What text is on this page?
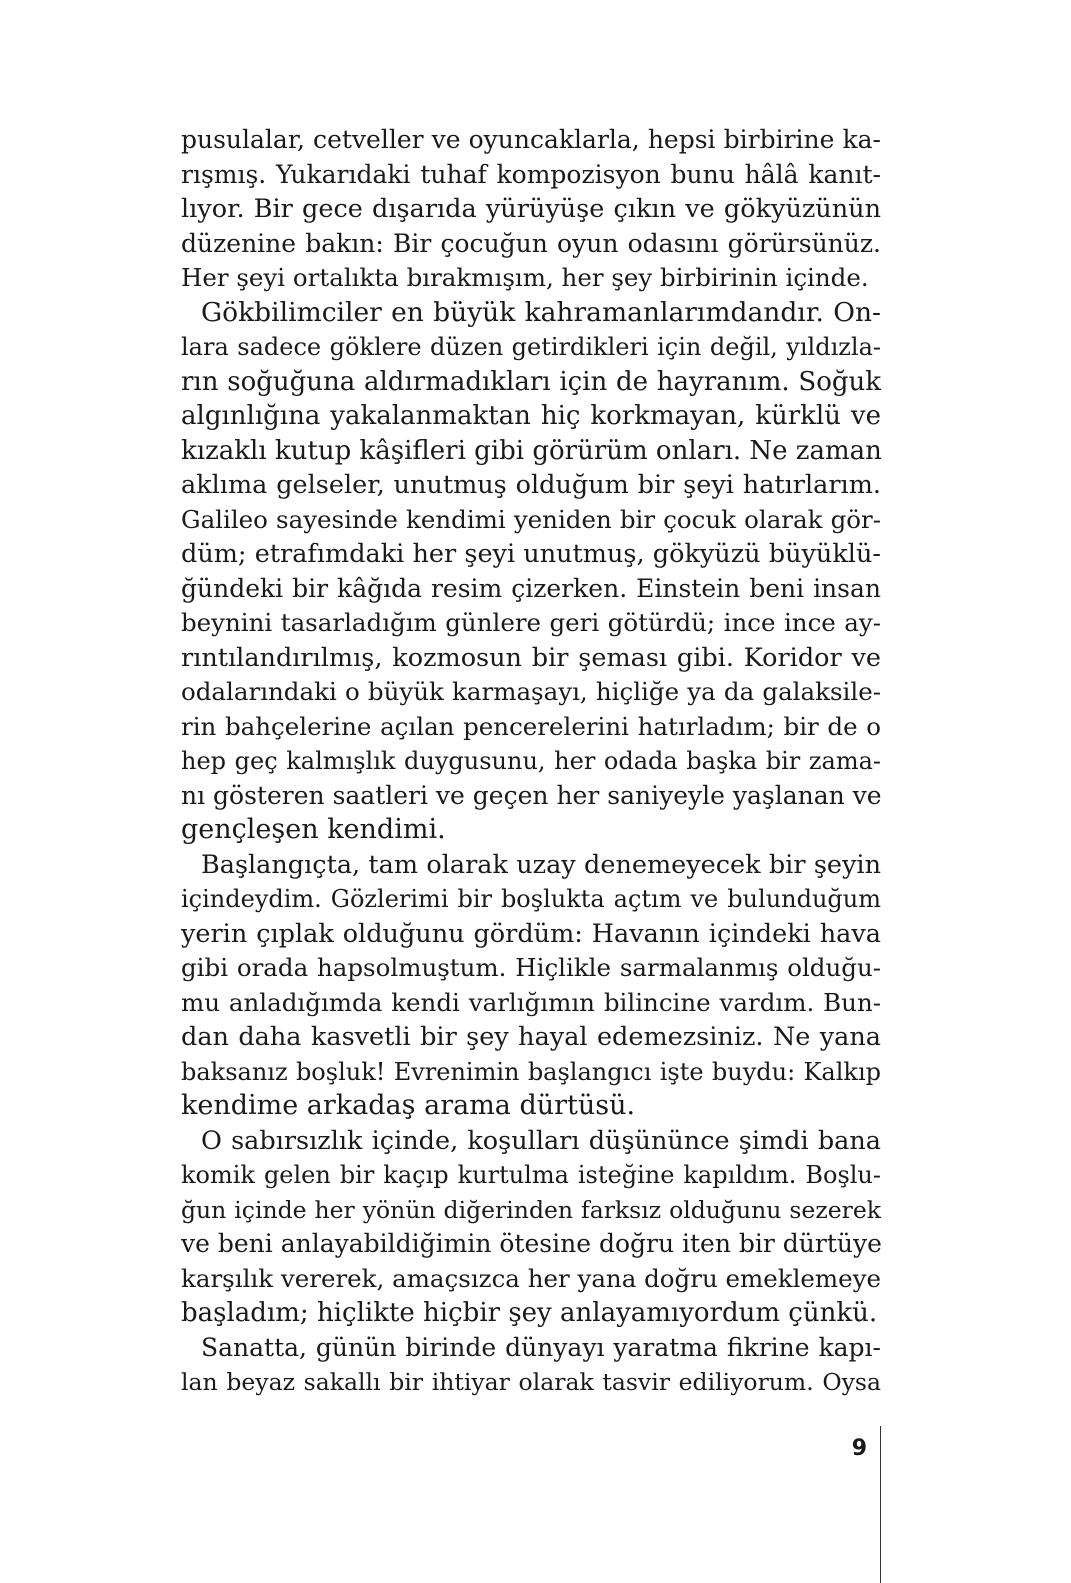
pusulalar, cetveller ve oyuncaklarla, hepsi birbirine ka-
rışmış. Yukarıdaki tuhaf kompozisyon bunu hâlâ kanıt-
lıyor. Bir gece dışarıda yürüyüşe çıkın ve gökyüzünün
düzenine bakın: Bir çocuğun oyun odasını görürsünüz.
Her şeyi ortalıkta bırakmışım, her şey birbirinin içinde.

Gökbilimciler en büyük kahramanlarımdandır. On-
lara sadece göklere düzen getirdikleri için değil, yıldızla-
rın soğuğuna aldırmadıkları için de hayranım. Soğuk
algınlığına yakalanmaktan hiç korkmayan, kürklü ve
kızaklı kutup kâşifleri gibi görürüm onları. Ne zaman
aklıma gelseler, unutmuş olduğum bir şeyi hatırlarım.
Galileo sayesinde kendimi yeniden bir çocuk olarak gör-
düm; etrafımdaki her şeyi unutmuş, gökyüzü büyüklü-
ğündeki bir kâğıda resim çizerken. Einstein beni insan
beynini tasarladığım günlere geri götürdü; ince ince ay-
rıntılandırılmış, kozmosun bir şeması gibi. Koridor ve
odalarındaki o büyük karmaşayı, hiçliğe ya da galaksile-
rin bahçelerine açılan pencerelerini hatırladım; bir de o
hep geç kalmışlık duygusunu, her odada başka bir zama-
nı gösteren saatleri ve geçen her saniyeyle yaşlanan ve
gençleşen kendimi.

Başlangıçta, tam olarak uzay denemeyecek bir şeyin
içindeydim. Gözlerimi bir boşlukta açtım ve bulunduğum
yerin çıplak olduğunu gördüm: Havanın içindeki hava
gibi orada hapsolmuştum. Hiçlikle sarmalanmış olduğu-
mu anladığımda kendi varlığımın bilincine vardım. Bun-
dan daha kasvetli bir şey hayal edemezsiniz. Ne yana
baksanız boşluk! Evrenimin başlangıcı işte buydu: Kalkıp
kendime arkadaş arama dürtüsü.

O sabırsızlık içinde, koşulları düşününce şimdi bana
komik gelen bir kaçıp kurtulma isteğine kapıldım. Boşlu-
ğun içinde her yönün diğerinden farksız olduğunu sezerek
ve beni anlayabildiğimin ötesine doğru iten bir dürtüye
karşılık vererek, amaçsızca her yana doğru emeklemeye
başladım; hiçlikte hiçbir şey anlayamıyordum çünkü.

Sanatta, günün birinde dünyayı yaratma fikrine kapı-
lan beyaz sakallı bir ihtiyar olarak tasvir ediliyorum. Oysa

9
